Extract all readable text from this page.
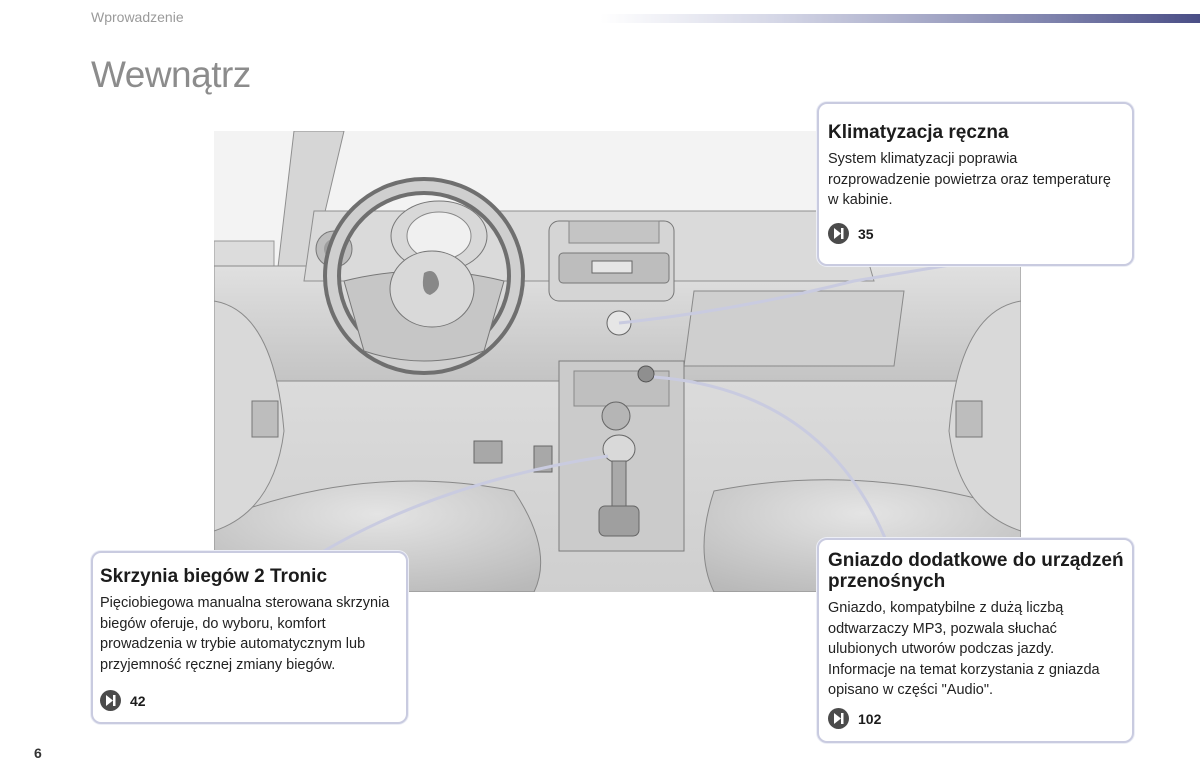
Wprowadzenie
Wewnątrz
Klimatyzacja ręczna

System klimatyzacji poprawia rozprowadzenie powietrza oraz temperaturę w kabinie.

35
Skrzynia biegów 2 Tronic

Pięciobiegowa manualna sterowana skrzynia biegów oferuje, do wyboru, komfort prowadzenia w trybie automatycznym lub przyjemność ręcznej zmiany biegów.

42
Gniazdo dodatkowe do urządzeń przenośnych

Gniazdo, kompatybilne z dużą liczbą odtwarzaczy MP3, pozwala słuchać ulubionych utworów podczas jazdy. Informacje na temat korzystania z gniazda opisano w części "Audio".

102
6
